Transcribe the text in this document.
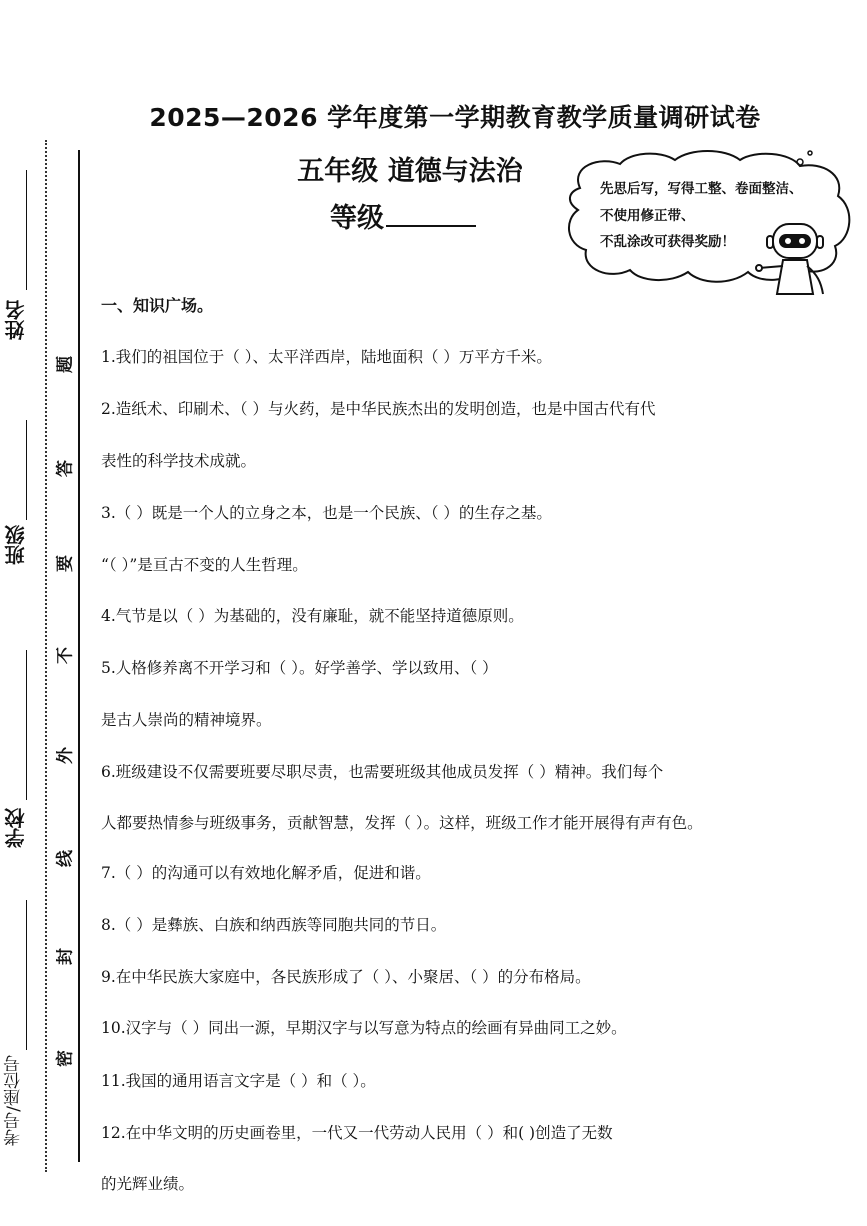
姓名
班级
学校
考号/座位号
题
答
要
不
外
线
封
密
2025—2026 学年度第一学期教育教学质量调研试卷
五年级 道德与法治
等级
先思后写，写得工整、卷面整洁、
不使用修正带、
不乱涂改可获得奖励！
一、知识广场。
1.我们的祖国位于（ ）、太平洋西岸，陆地面积（ ）万平方千米。
2.造纸术、印刷术、（ ）与火药，是中华民族杰出的发明创造，也是中国古代有代
表性的科学技术成就。
3.（ ）既是一个人的立身之本，也是一个民族、（ ）的生存之基。
“（ ）”是亘古不变的人生哲理。
4.气节是以（ ）为基础的，没有廉耻，就不能坚持道德原则。
5.人格修养离不开学习和（ ）。好学善学、学以致用、（ ）
是古人崇尚的精神境界。
6.班级建设不仅需要班要尽职尽责，也需要班级其他成员发挥（ ）精神。我们每个
人都要热情参与班级事务，贡献智慧，发挥（ ）。这样，班级工作才能开展得有声有色。
7.（ ）的沟通可以有效地化解矛盾，促进和谐。
8.（ ）是彝族、白族和纳西族等同胞共同的节日。
9.在中华民族大家庭中，各民族形成了（ ）、小聚居、（ ）的分布格局。
10.汉字与（ ）同出一源，早期汉字与以写意为特点的绘画有异曲同工之妙。
11.我国的通用语言文字是（ ）和（ ）。
12.在中华文明的历史画卷里，一代又一代劳动人民用（ ）和( )创造了无数
的光辉业绩。
